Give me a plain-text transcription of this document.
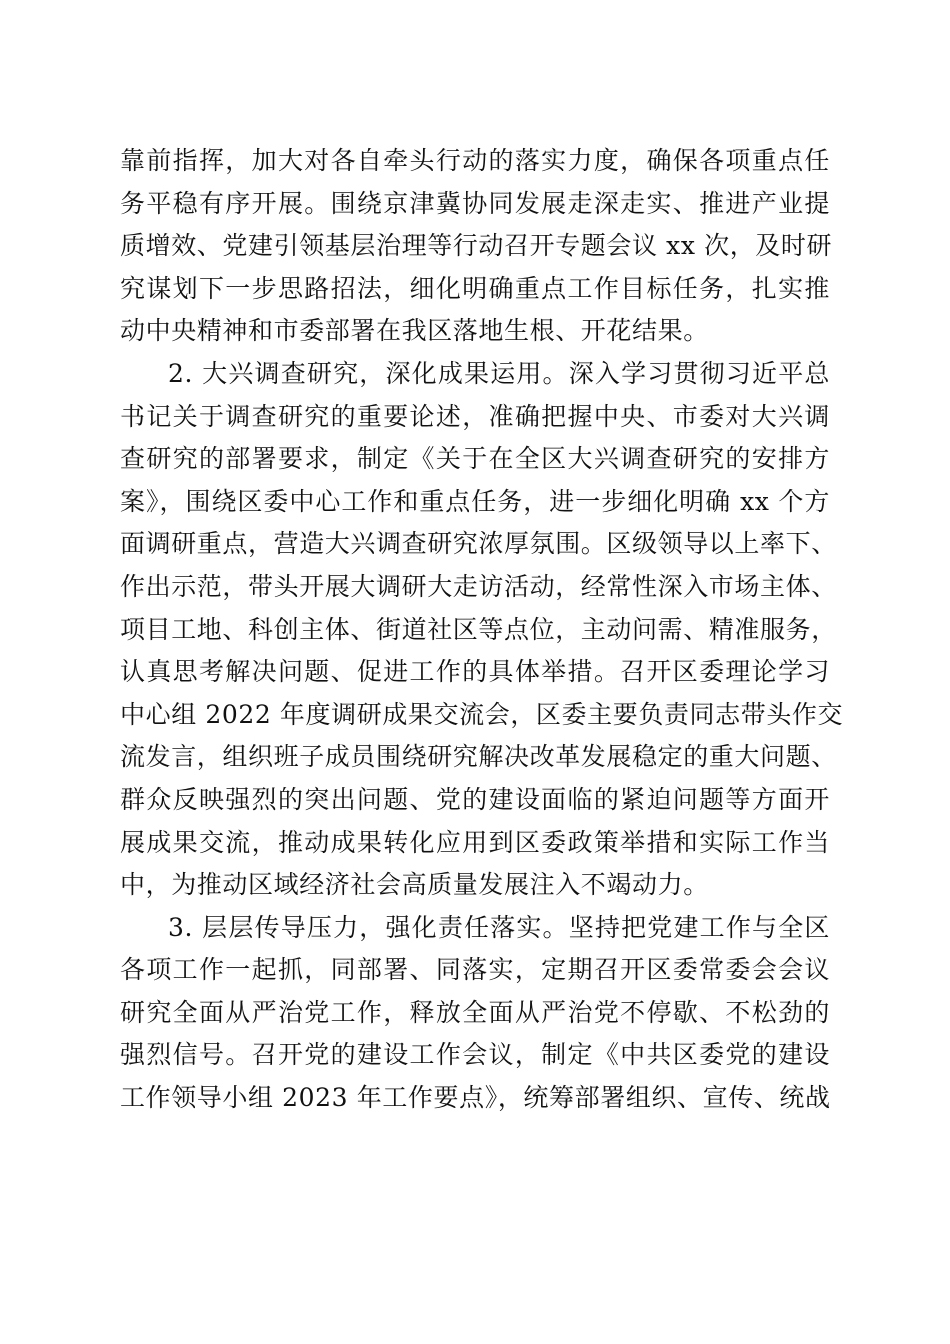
靠前指挥，加大对各自牵头行动的落实力度，确保各项重点任
务平稳有序开展。围绕京津冀协同发展走深走实、推进产业提
质增效、党建引领基层治理等行动召开专题会议 xx 次，及时研
究谋划下一步思路招法，细化明确重点工作目标任务，扎实推
动中央精神和市委部署在我区落地生根、开花结果。
2. 大兴调查研究，深化成果运用。深入学习贯彻习近平总
书记关于调查研究的重要论述，准确把握中央、市委对大兴调
查研究的部署要求，制定《关于在全区大兴调查研究的安排方
案》，围绕区委中心工作和重点任务，进一步细化明确 xx 个方
面调研重点，营造大兴调查研究浓厚氛围。区级领导以上率下、
作出示范，带头开展大调研大走访活动，经常性深入市场主体、
项目工地、科创主体、街道社区等点位，主动问需、精准服务，
认真思考解决问题、促进工作的具体举措。召开区委理论学习
中心组 2022 年度调研成果交流会，区委主要负责同志带头作交
流发言，组织班子成员围绕研究解决改革发展稳定的重大问题、
群众反映强烈的突出问题、党的建设面临的紧迫问题等方面开
展成果交流，推动成果转化应用到区委政策举措和实际工作当
中，为推动区域经济社会高质量发展注入不竭动力。
3. 层层传导压力，强化责任落实。坚持把党建工作与全区
各项工作一起抓，同部署、同落实，定期召开区委常委会会议
研究全面从严治党工作，释放全面从严治党不停歇、不松劲的
强烈信号。召开党的建设工作会议，制定《中共区委党的建设
工作领导小组 2023 年工作要点》，统筹部署组织、宣传、统战
